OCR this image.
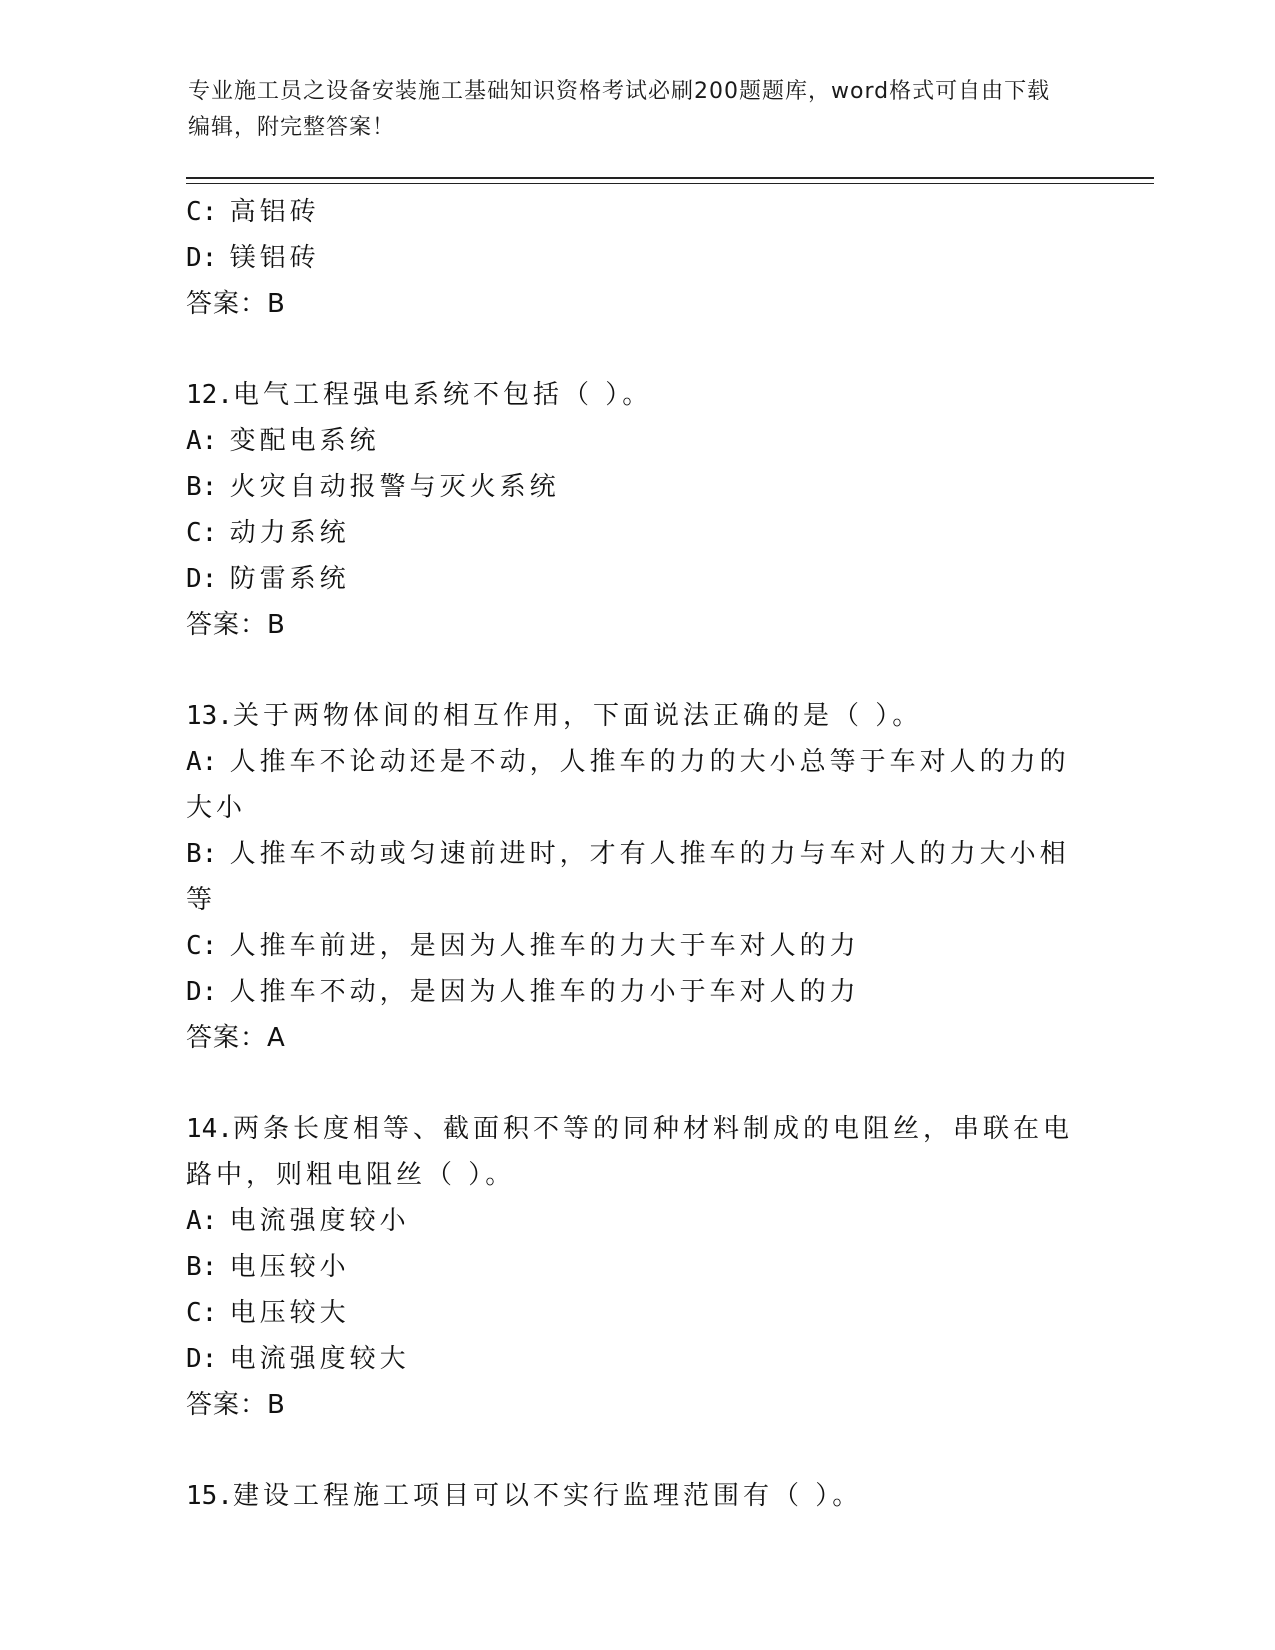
专业施工员之设备安装施工基础知识资格考试必刷200题题库，word格式可自由下载编辑，附完整答案！

C: 高铝砖

D: 镁铝砖

答案：B

12.电气工程强电系统不包括（ ）。

A: 变配电系统

B: 火灾自动报警与灭火系统

C: 动力系统

D: 防雷系统

答案：B

13.关于两物体间的相互作用，下面说法正确的是（ ）。

A: 人推车不论动还是不动，人推车的力的大小总等于车对人的力的大小

B: 人推车不动或匀速前进时，才有人推车的力与车对人的力大小相等

C: 人推车前进，是因为人推车的力大于车对人的力

D: 人推车不动，是因为人推车的力小于车对人的力

答案：A

14.两条长度相等、截面积不等的同种材料制成的电阻丝，串联在电路中，则粗电阻丝（ ）。

A: 电流强度较小

B: 电压较小

C: 电压较大

D: 电流强度较大

答案：B

15.建设工程施工项目可以不实行监理范围有（ ）。
